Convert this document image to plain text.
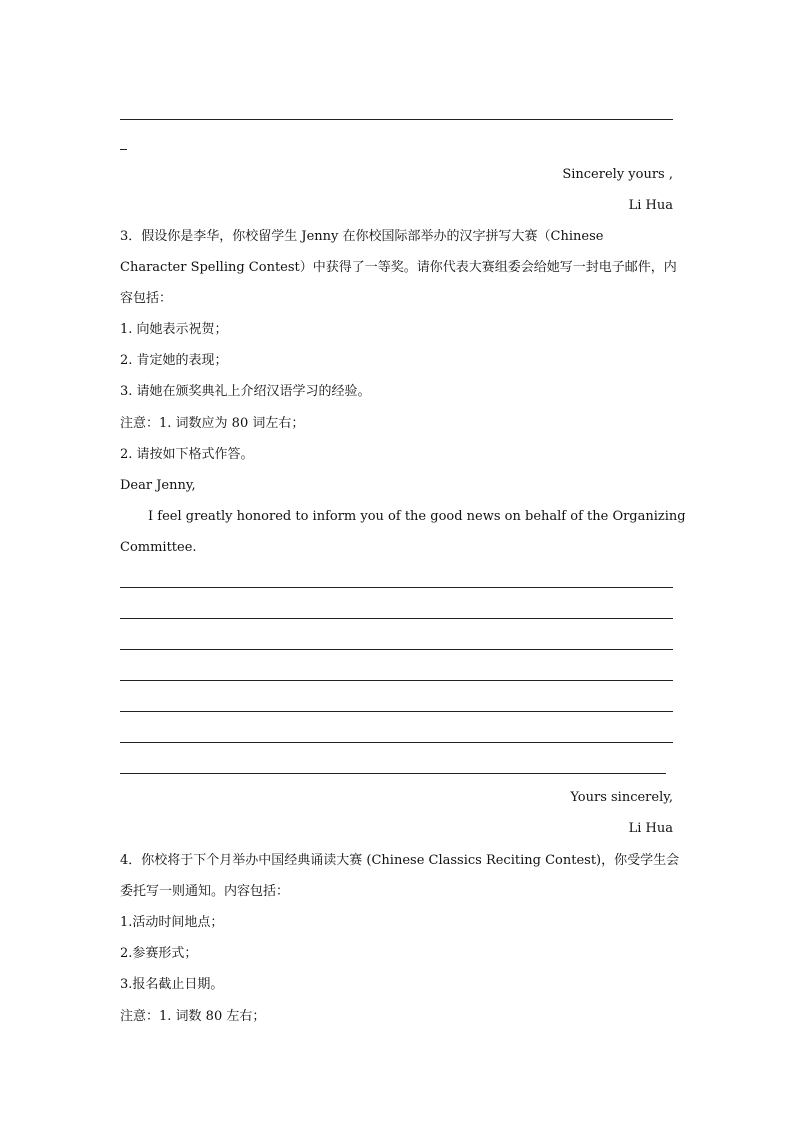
Sincerely yours ,
Li Hua
3．假设你是李华，你校留学生 Jenny 在你校国际部举办的汉字拼写大赛（Chinese
Character Spelling Contest）中获得了一等奖。请你代表大赛组委会给她写一封电子邮件，内
容包括：
1. 向她表示祝贺；
2. 肯定她的表现；
3. 请她在颁奖典礼上介绍汉语学习的经验。
注意：1. 词数应为 80 词左右；
2. 请按如下格式作答。
Dear Jenny,
I feel greatly honored to inform you of the good news on behalf of the Organizing
Committee.
Yours sincerely,
Li Hua
4．你校将于下个月举办中国经典诵读大赛 (Chinese Classics Reciting Contest)，你受学生会
委托写一则通知。内容包括：
1.活动时间地点；
2.参赛形式；
3.报名截止日期。
注意：1. 词数 80 左右；
